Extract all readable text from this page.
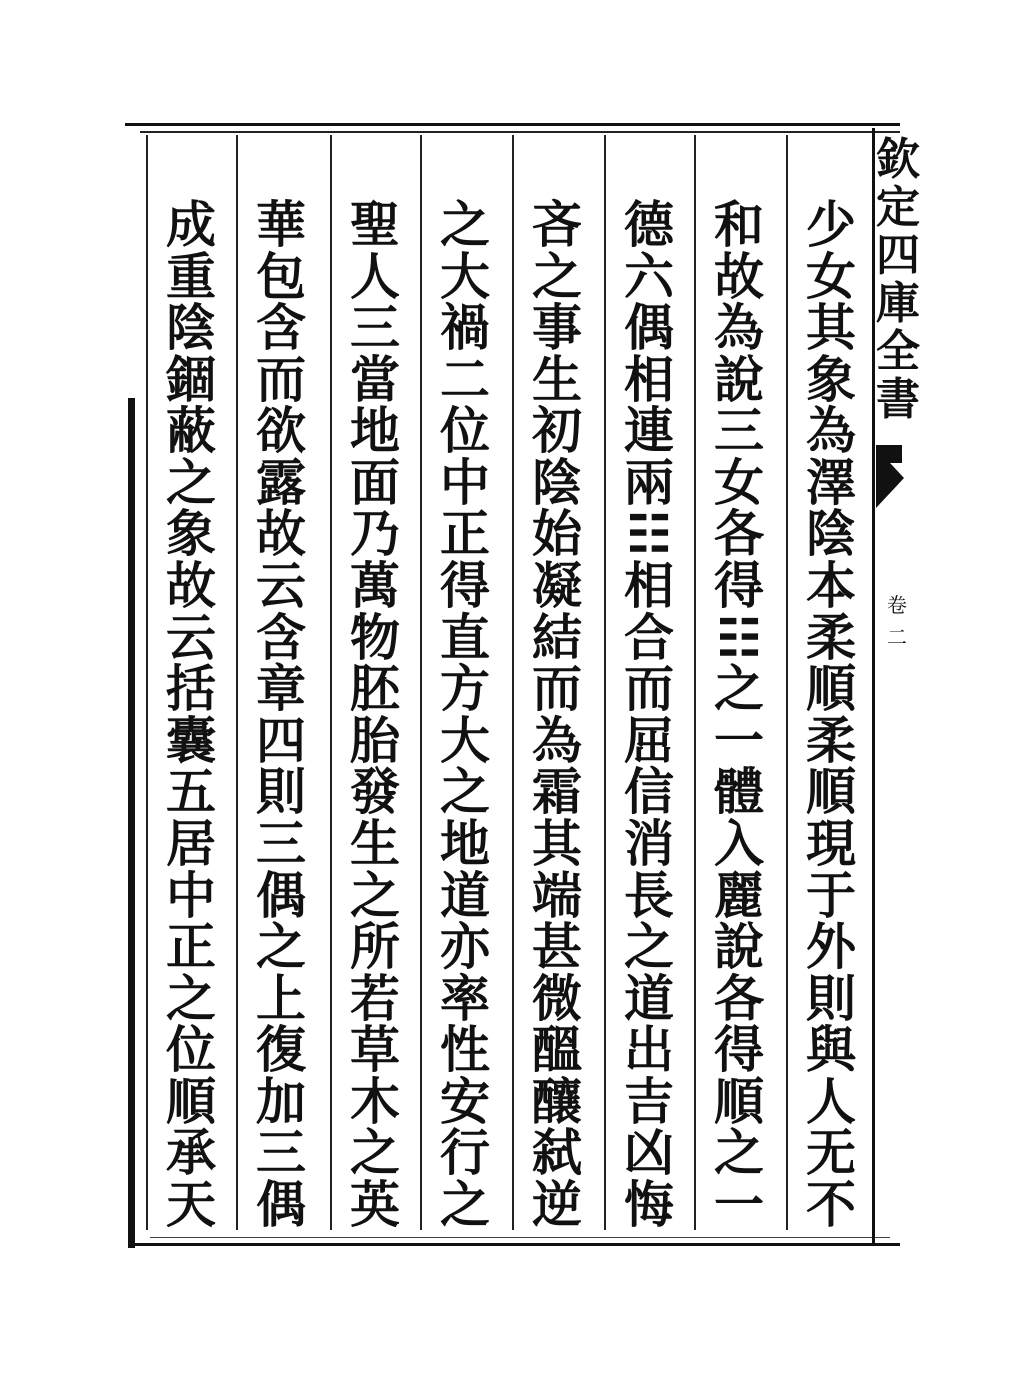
少
女
其
象
為
澤
陰
本
柔
順
柔
順
現
于
外
則
與
人
无
不
和
故
為
說
三
女
各
得
☷
之
一
體
入
麗
說
各
得
順
之
一
德
六
偶
相
連
兩
☷
相
合
而
屈
信
消
長
之
道
出
吉
凶
悔
吝
之
事
生
初
陰
始
凝
結
而
為
霜
其
端
甚
微
醞
釀
弑
逆
之
大
禍
二
位
中
正
得
直
方
大
之
地
道
亦
率
性
安
行
之
聖
人
三
當
地
面
乃
萬
物
胚
胎
發
生
之
所
若
草
木
之
英
華
包
含
而
欲
露
故
云
含
章
四
則
三
偶
之
上
復
加
三
偶
成
重
陰
錮
蔽
之
象
故
云
括
囊
五
居
中
正
之
位
順
承
天
欽
定
四
庫
全
書
卷
二
